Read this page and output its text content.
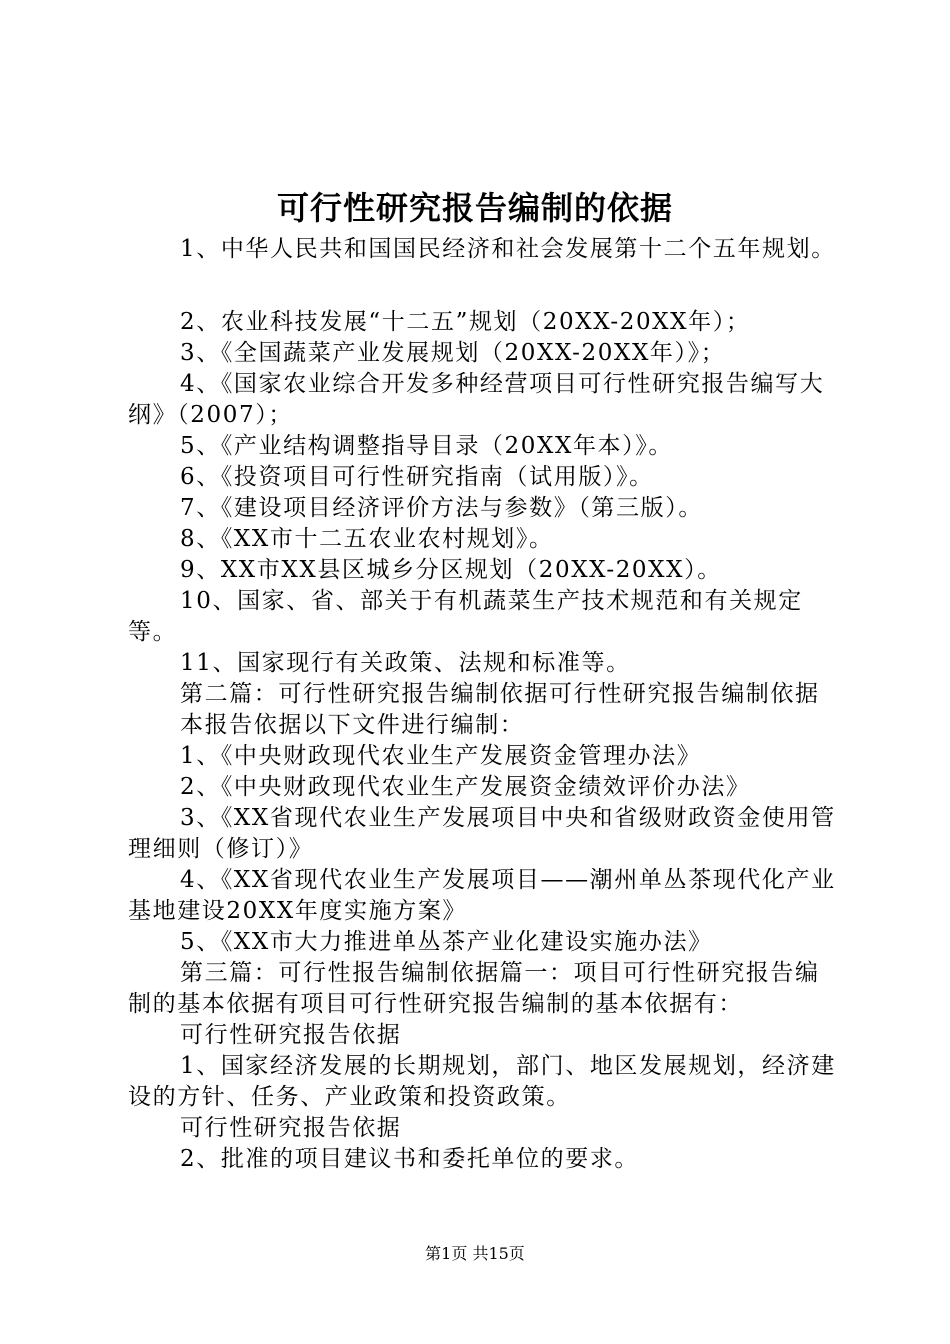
可行性研究报告编制的依据

1、中华人民共和国国民经济和社会发展第十二个五年规划。

2、农业科技发展“十二五”规划（20XX-20XX年）；

3、《全国蔬菜产业发展规划（20XX-20XX年）》；

4、《国家农业综合开发多种经营项目可行性研究报告编写大纲》（2007）；

5、《产业结构调整指导目录（20XX年本）》。

6、《投资项目可行性研究指南（试用版）》。

7、《建设项目经济评价方法与参数》（第三版）。

8、《XX市十二五农业农村规划》。

9、XX市XX县区城乡分区规划（20XX-20XX）。

10、国家、省、部关于有机蔬菜生产技术规范和有关规定等。

11、国家现行有关政策、法规和标准等。

第二篇：可行性研究报告编制依据可行性研究报告编制依据

本报告依据以下文件进行编制：

1、《中央财政现代农业生产发展资金管理办法》

2、《中央财政现代农业生产发展资金绩效评价办法》

3、《XX省现代农业生产发展项目中央和省级财政资金使用管理细则（修订）》

4、《XX省现代农业生产发展项目——潮州单丛茶现代化产业基地建设20XX年度实施方案》

5、《XX市大力推进单丛茶产业化建设实施办法》

第三篇：可行性报告编制依据篇一：项目可行性研究报告编制的基本依据有项目可行性研究报告编制的基本依据有：

可行性研究报告依据

1、国家经济发展的长期规划，部门、地区发展规划，经济建设的方针、任务、产业政策和投资政策。

可行性研究报告依据

2、批准的项目建议书和委托单位的要求。

第1页 共15页
